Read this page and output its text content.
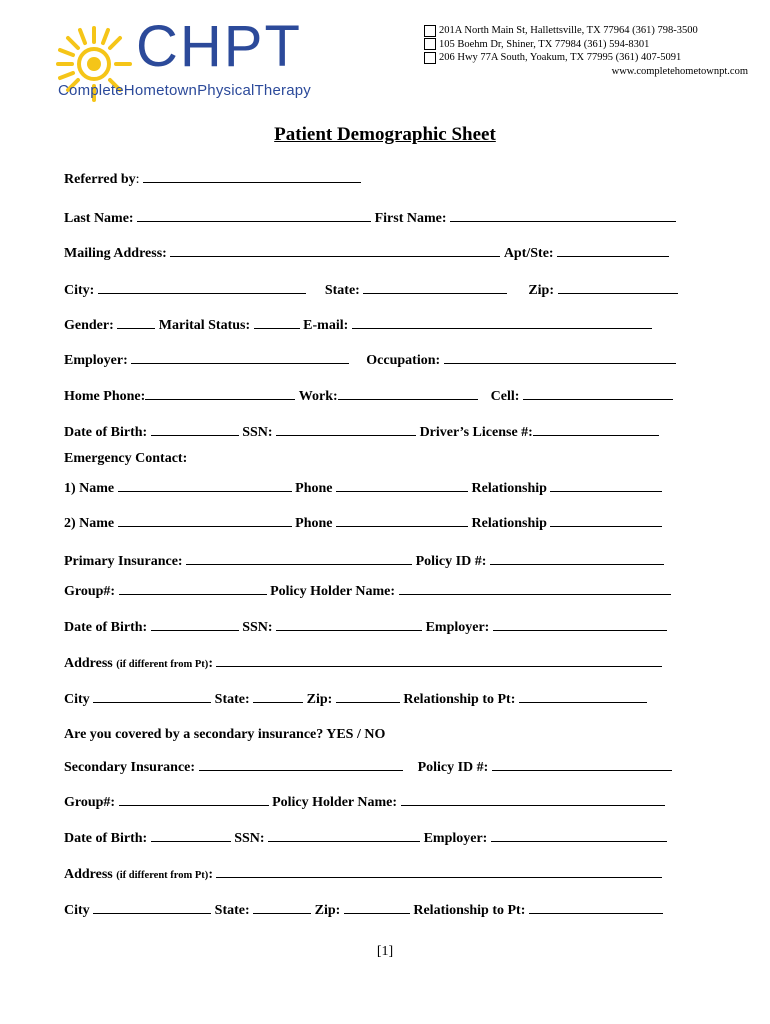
CHPT
CompleteHometownPhysicalTherapy
201A North Main St, Hallettsville, TX 77964 (361) 798-3500
105 Boehm Dr, Shiner, TX 77984 (361) 594-8301
206 Hwy 77A South, Yoakum, TX 77995 (361) 407-5091
www.completehometownpt.com
Patient Demographic Sheet
Referred by:
Last Name:	First Name:
Mailing Address:	Apt/Ste:
City:	State:	Zip:
Gender:	Marital Status:	E-mail:
Employer:	Occupation:
Home Phone:	Work:	Cell:
Date of Birth:	SSN:	Driver’s License #:
Emergency Contact:
1) Name	Phone	Relationship
2) Name	Phone	Relationship
Primary Insurance:	Policy ID #:
Group#:	Policy Holder Name:
Date of Birth:	SSN:	Employer:
Address (if different from Pt):
City	State:	Zip:	Relationship to Pt:
Are you covered by a secondary insurance? YES / NO
Secondary Insurance:	Policy ID #:
Group#:	Policy Holder Name:
Date of Birth:	SSN:	Employer:
Address (if different from Pt):
City	State:	Zip:	Relationship to Pt:
[1]
